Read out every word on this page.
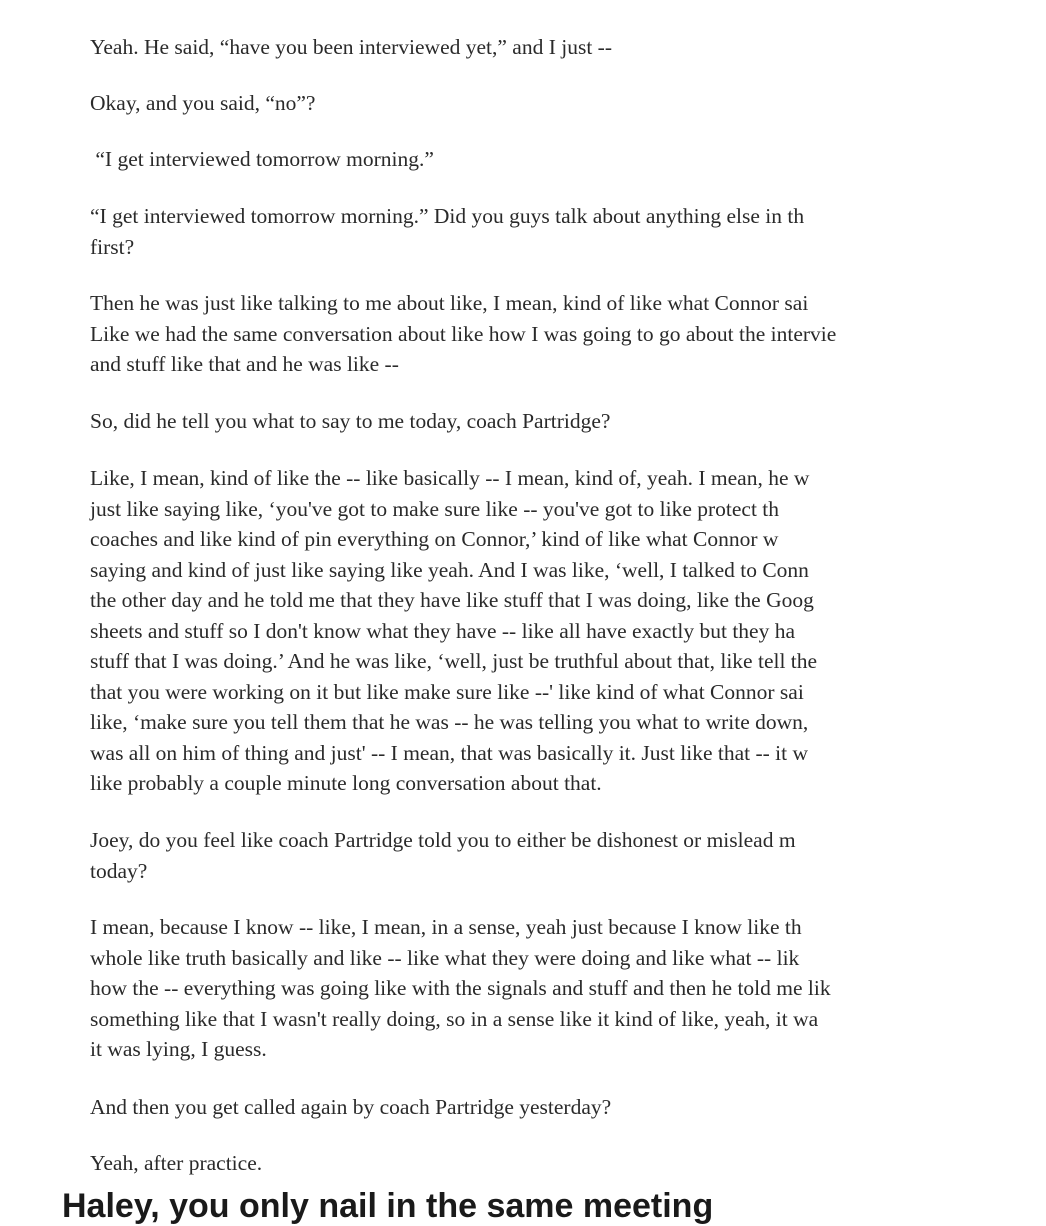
Yeah. He said, “have you been interviewed yet,” and I just --
Okay, and you said, “no”?
“I get interviewed tomorrow morning.”
“I get interviewed tomorrow morning.” Did you guys talk about anything else in th
first?
Then he was just like talking to me about like, I mean, kind of like what Connor sai
Like we had the same conversation about like how I was going to go about the intervie
and stuff like that and he was like --
So, did he tell you what to say to me today, coach Partridge?
Like, I mean, kind of like the -- like basically -- I mean, kind of, yeah. I mean, he w
just like saying like, ‘you've got to make sure like -- you've got to like protect th
coaches and like kind of pin everything on Connor,’ kind of like what Connor w
saying and kind of just like saying like yeah. And I was like, ‘well, I talked to Conn
the other day and he told me that they have like stuff that I was doing, like the Goog
sheets and stuff so I don't know what they have -- like all have exactly but they ha
stuff that I was doing.’ And he was like, ‘well, just be truthful about that, like tell the
that you were working on it but like make sure like --' like kind of what Connor sai
like, ‘make sure you tell them that he was -- he was telling you what to write down,
was all on him of thing and just' -- I mean, that was basically it. Just like that -- it w
like probably a couple minute long conversation about that.
Joey, do you feel like coach Partridge told you to either be dishonest or mislead m
today?
I mean, because I know -- like, I mean, in a sense, yeah just because I know like th
whole like truth basically and like -- like what they were doing and like what -- lik
how the -- everything was going like with the signals and stuff and then he told me lik
something like that I wasn't really doing, so in a sense like it kind of like, yeah, it wa
it was lying, I guess.
And then you get called again by coach Partridge yesterday?
Yeah, after practice.
Haley, you only nail in the same meeting
